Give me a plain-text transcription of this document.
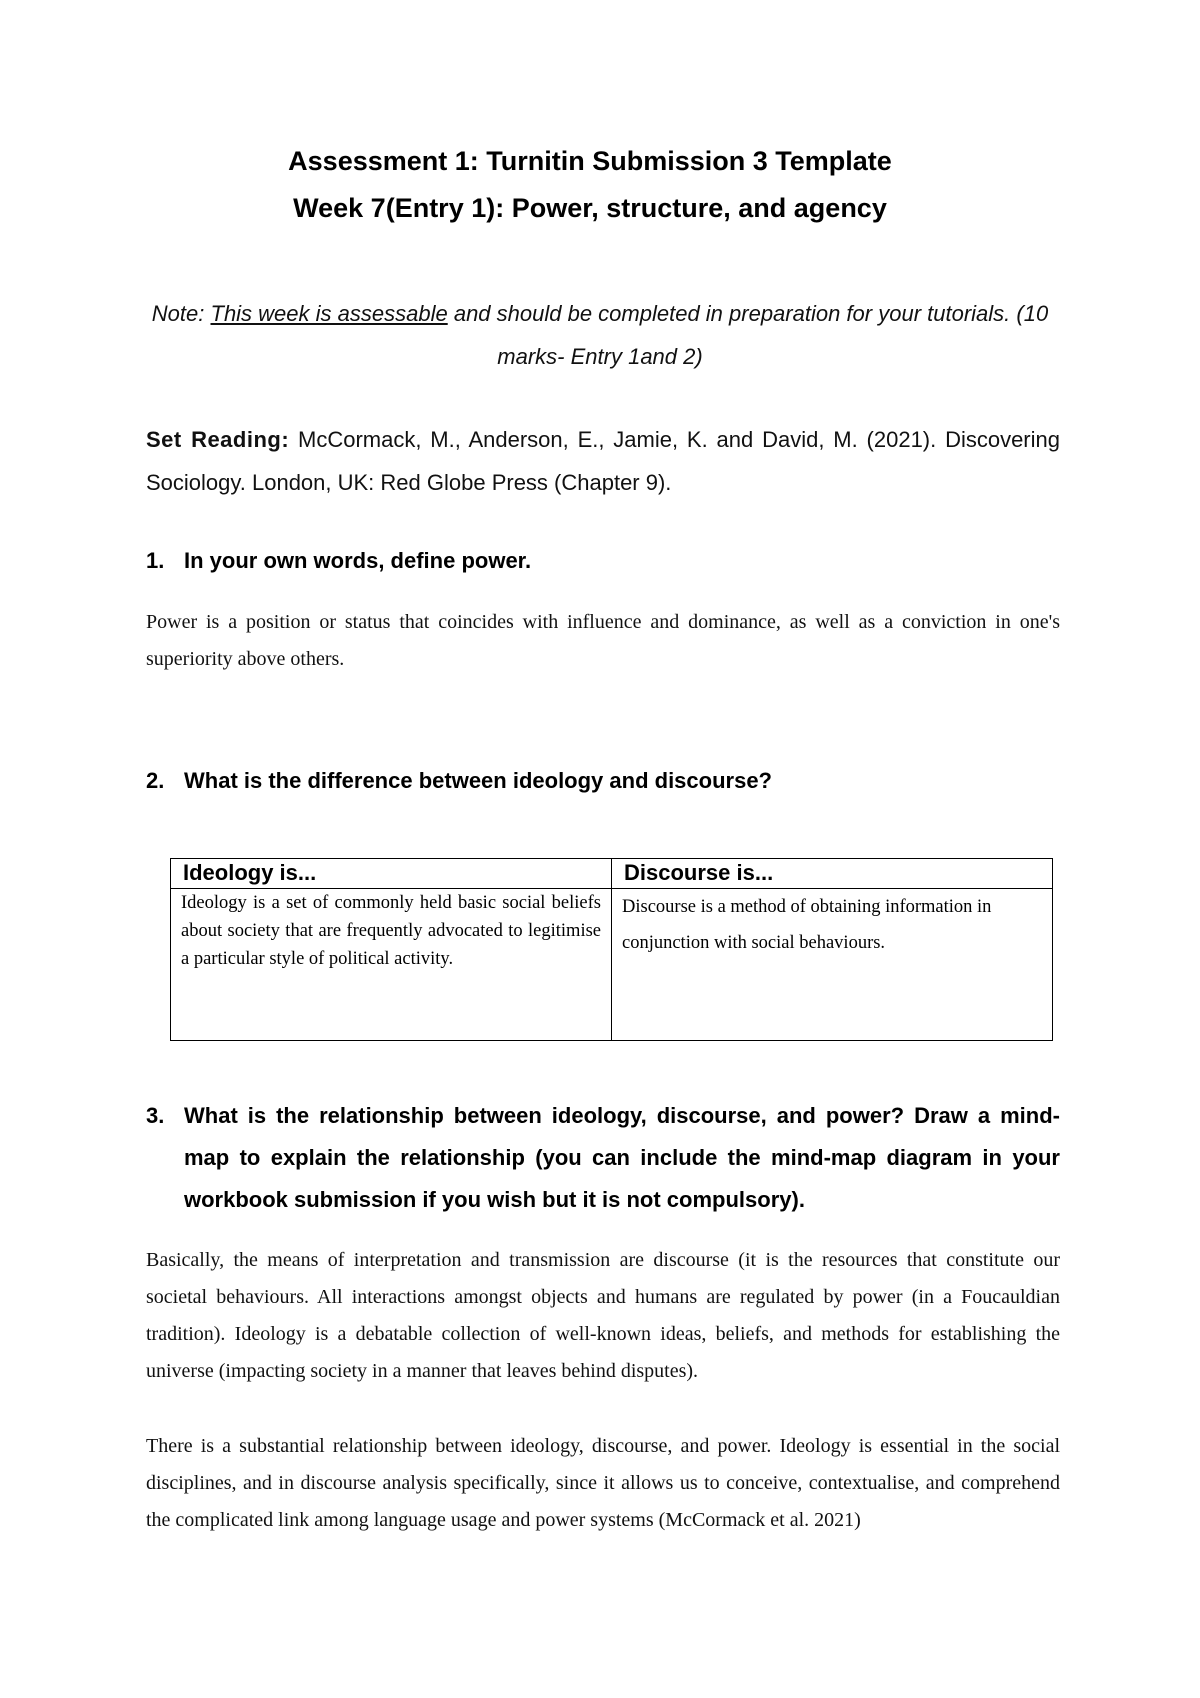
Assessment 1: Turnitin Submission 3 Template
Week 7(Entry 1): Power, structure, and agency
Note: This week is assessable and should be completed in preparation for your tutorials. (10 marks- Entry 1and 2)
Set Reading: McCormack, M., Anderson, E., Jamie, K. and David, M. (2021). Discovering Sociology. London, UK: Red Globe Press (Chapter 9).
1. In your own words, define power.
Power is a position or status that coincides with influence and dominance, as well as a conviction in one's superiority above others.
2. What is the difference between ideology and discourse?
Ideology is...	Discourse is...
Ideology is a set of commonly held basic social beliefs about society that are frequently advocated to legitimise a particular style of political activity.	Discourse is a method of obtaining information in conjunction with social behaviours.
3. What is the relationship between ideology, discourse, and power? Draw a mind-map to explain the relationship (you can include the mind-map diagram in your workbook submission if you wish but it is not compulsory).
Basically, the means of interpretation and transmission are discourse (it is the resources that constitute our societal behaviours. All interactions amongst objects and humans are regulated by power (in a Foucauldian tradition). Ideology is a debatable collection of well-known ideas, beliefs, and methods for establishing the universe (impacting society in a manner that leaves behind disputes).
There is a substantial relationship between ideology, discourse, and power. Ideology is essential in the social disciplines, and in discourse analysis specifically, since it allows us to conceive, contextualise, and comprehend the complicated link among language usage and power systems (McCormack et al. 2021)
